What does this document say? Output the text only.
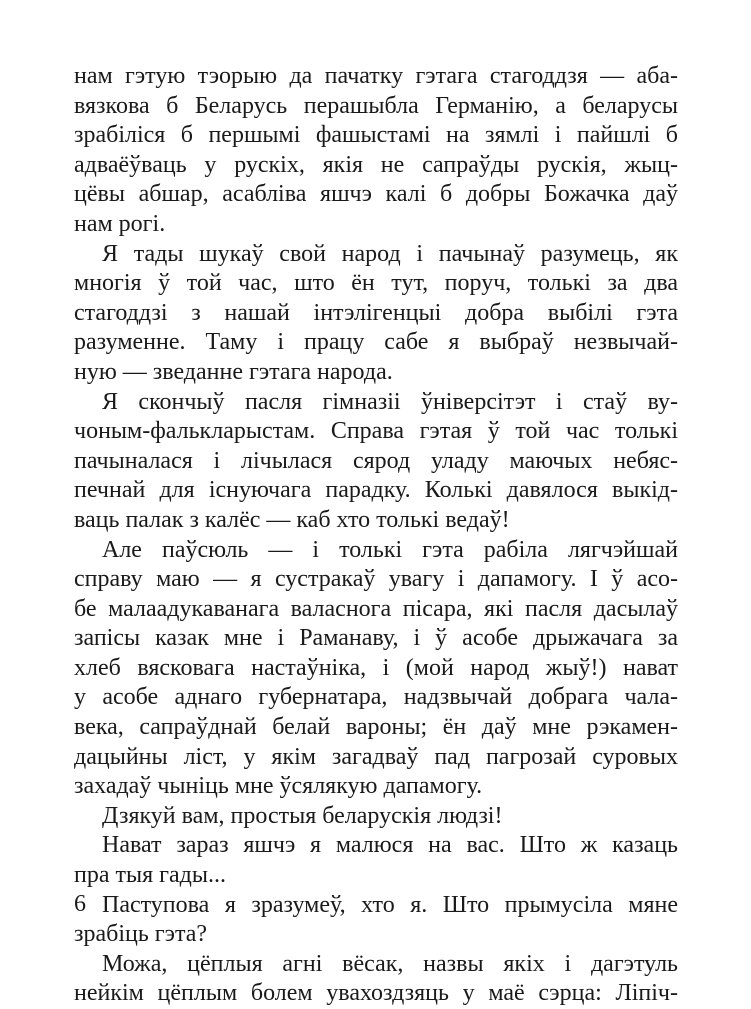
нам гэтую тэорыю да пачатку гэтага стагоддзя — аба-
вязкова б Беларусь перашыбла Германію, а беларусы
зрабіліся б першымі фашыстамі на зямлі і пайшлі б
адваёўваць у рускіх, якія не сапраўды рускія, жыц-
цёвы абшар, асабліва яшчэ калі б добры Божачка даў
нам рогі.
Я тады шукаў свой народ і пачынаў разумець, як
многія ў той час, што ён тут, поруч, толькі за два
стагоддзі з нашай інтэлігенцыі добра выбілі гэта
разуменне. Таму і працу сабе я выбраў незвычай-
ную — зведанне гэтага народа.
Я скончыў пасля гімназіі ўніверсітэт і стаў ву-
чоным-фалькларыстам. Справа гэтая ў той час толькі
пачыналася і лічылася сярод уладу маючых небяс-
печнай для існуючага парадку. Колькі давялося выкід-
ваць палак з калёс — каб хто толькі ведаў!
Але паўсюль — і толькі гэта рабіла лягчэйшай
справу маю — я сустракаў увагу і дапамогу. І ў асо-
бе малаадукаванага валаснога пісара, які пасля дасылаў
запісы казак мне і Раманаву, і ў асобе дрыжачага за
хлеб вясковага настаўніка, і (мой народ жыў!) нават
у асобе аднаго губернатара, надзвычай добрага чала-
века, сапраўднай белай вароны; ён даў мне рэкамен-
дацыйны ліст, у якім загадваў пад пагрозай суровых
захадаў чыніць мне ўсялякую дапамогу.
Дзякуй вам, простыя беларускія людзі!
Нават зараз яшчэ я малюся на вас. Што ж казаць
пра тыя гады...
Паступова я зразумеў, хто я. Што прымусіла мяне
зрабіць гэта?
Можа, цёплыя агні вёсак, назвы якіх і дагэтуль
нейкім цёплым болем увахоздзяць у маё сэрца: Ліпіч-
6
